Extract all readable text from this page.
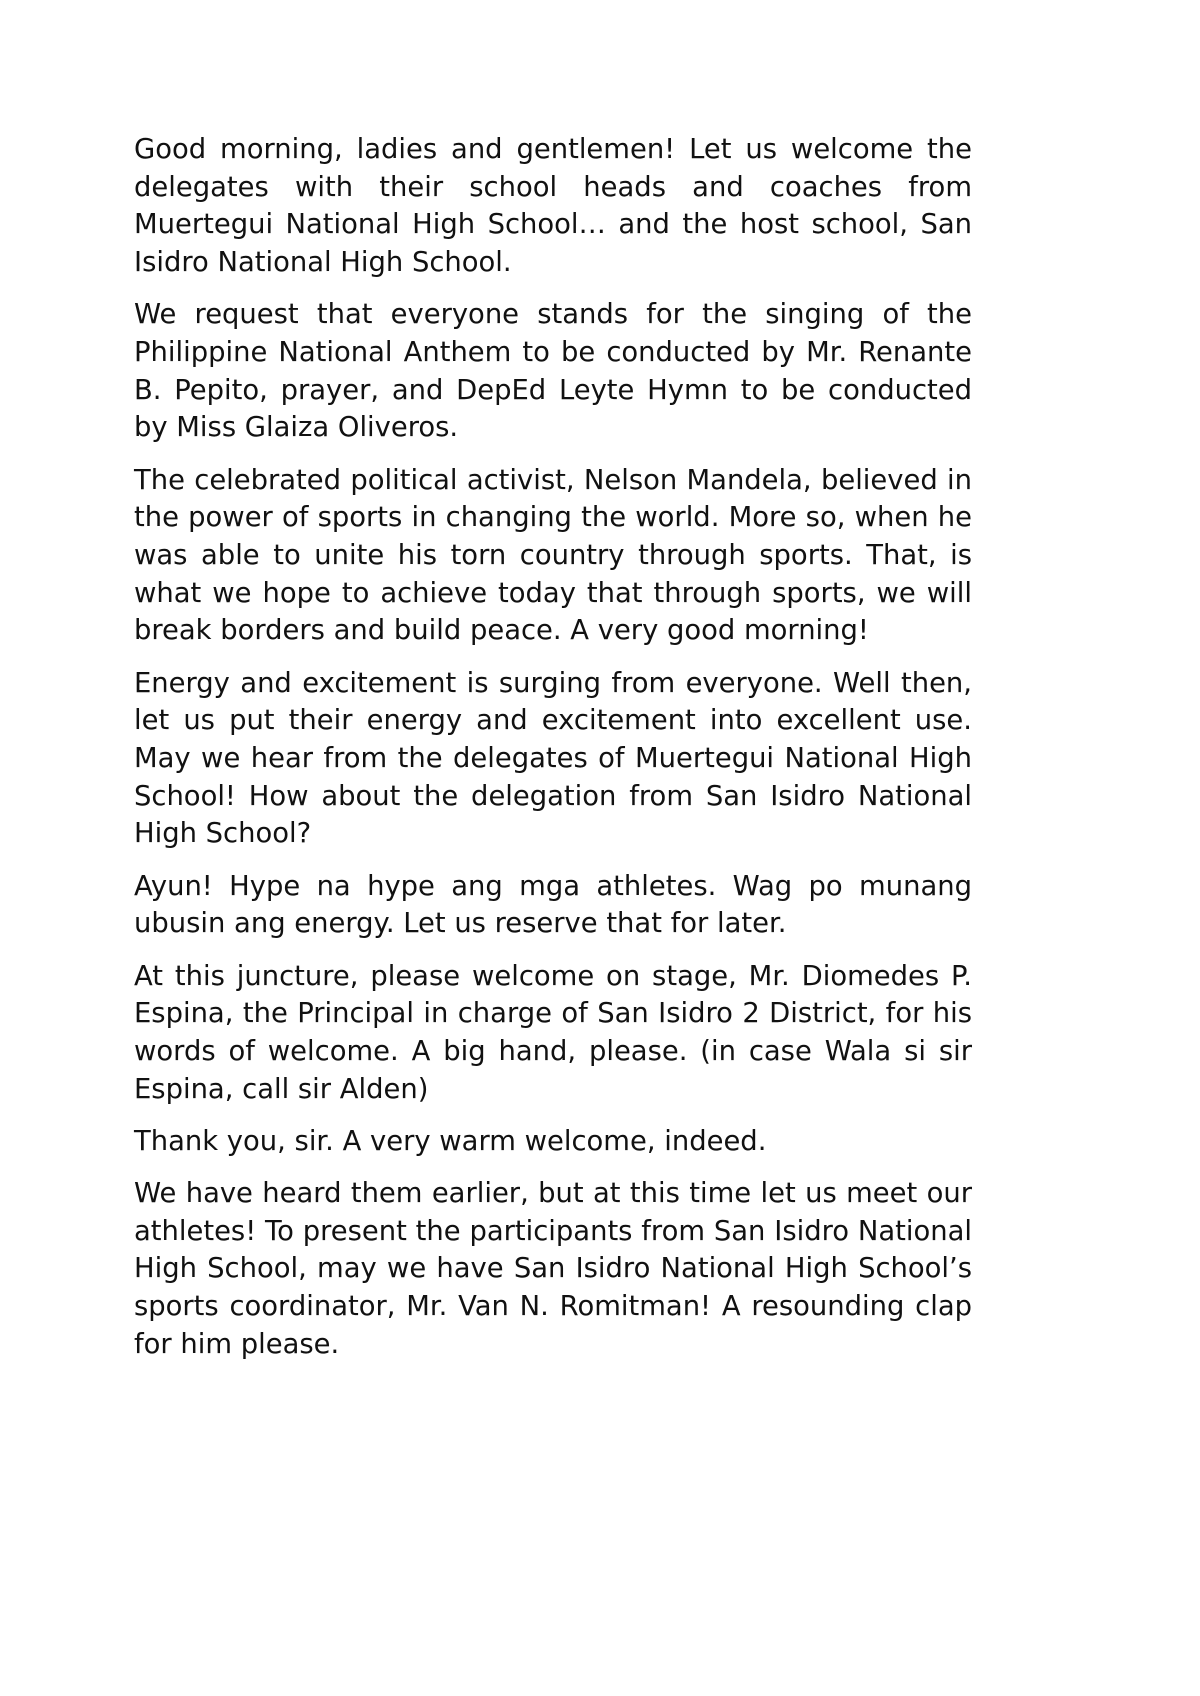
Good morning, ladies and gentlemen! Let us welcome the delegates with their school heads and coaches from Muertegui National High School… and the host school, San Isidro National High School.

We request that everyone stands for the singing of the Philippine National Anthem to be conducted by Mr. Renante B. Pepito, prayer, and DepEd Leyte Hymn to be conducted by Miss Glaiza Oliveros.

The celebrated political activist, Nelson Mandela, believed in the power of sports in changing the world. More so, when he was able to unite his torn country through sports. That, is what we hope to achieve today that through sports, we will break borders and build peace. A very good morning!

Energy and excitement is surging from everyone. Well then, let us put their energy and excitement into excellent use. May we hear from the delegates of Muertegui National High School! How about the delegation from San Isidro National High School?

Ayun! Hype na hype ang mga athletes. Wag po munang ubusin ang energy. Let us reserve that for later.

At this juncture, please welcome on stage, Mr. Diomedes P. Espina, the Principal in charge of San Isidro 2 District, for his words of welcome. A big hand, please. (in case Wala si sir Espina, call sir Alden)

Thank you, sir. A very warm welcome, indeed.

We have heard them earlier, but at this time let us meet our athletes! To present the participants from San Isidro National High School, may we have San Isidro National High School’s sports coordinator, Mr. Van N. Romitman! A resounding clap for him please.
